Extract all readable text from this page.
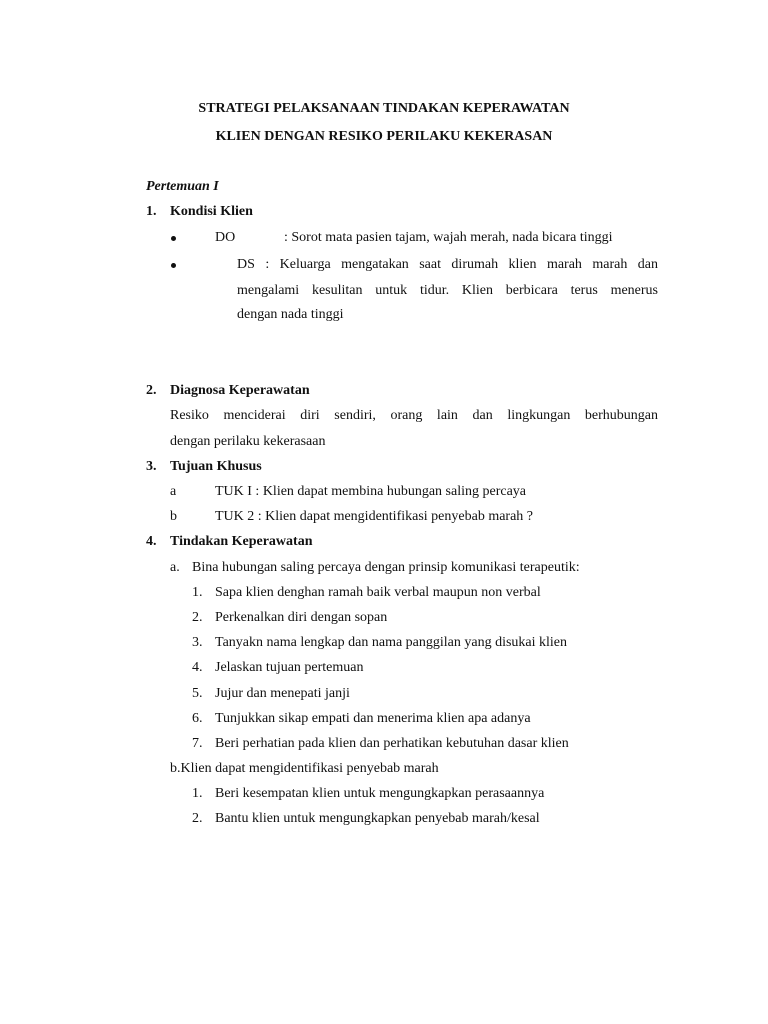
STRATEGI PELAKSANAAN TINDAKAN KEPERAWATAN
KLIEN DENGAN RESIKO PERILAKU KEKERASAN
Pertemuan I
1. Kondisi Klien
DO	: Sorot mata pasien tajam, wajah merah, nada bicara tinggi
DS : Keluarga mengatakan saat dirumah klien marah marah dan
mengalami kesulitan untuk tidur. Klien berbicara terus menerus
dengan nada tinggi
2. Diagnosa Keperawatan
Resiko menciderai diri sendiri, orang lain dan lingkungan berhubungan
dengan perilaku kekerasaan
3. Tujuan Khusus
a	TUK I : Klien dapat membina hubungan saling percaya
b	TUK 2 : Klien dapat mengidentifikasi penyebab marah ?
4. Tindakan Keperawatan
a. Bina hubungan saling percaya dengan prinsip komunikasi terapeutik:
1. Sapa klien denghan ramah baik verbal maupun non verbal
2. Perkenalkan diri dengan sopan
3. Tanyakn nama lengkap dan nama panggilan yang disukai klien
4. Jelaskan tujuan pertemuan
5. Jujur dan menepati janji
6. Tunjukkan sikap empati dan menerima klien apa adanya
7. Beri perhatian pada klien dan perhatikan kebutuhan dasar klien
b.Klien dapat mengidentifikasi penyebab marah
1. Beri kesempatan klien untuk mengungkapkan perasaannya
2. Bantu klien untuk mengungkapkan penyebab marah/kesal
